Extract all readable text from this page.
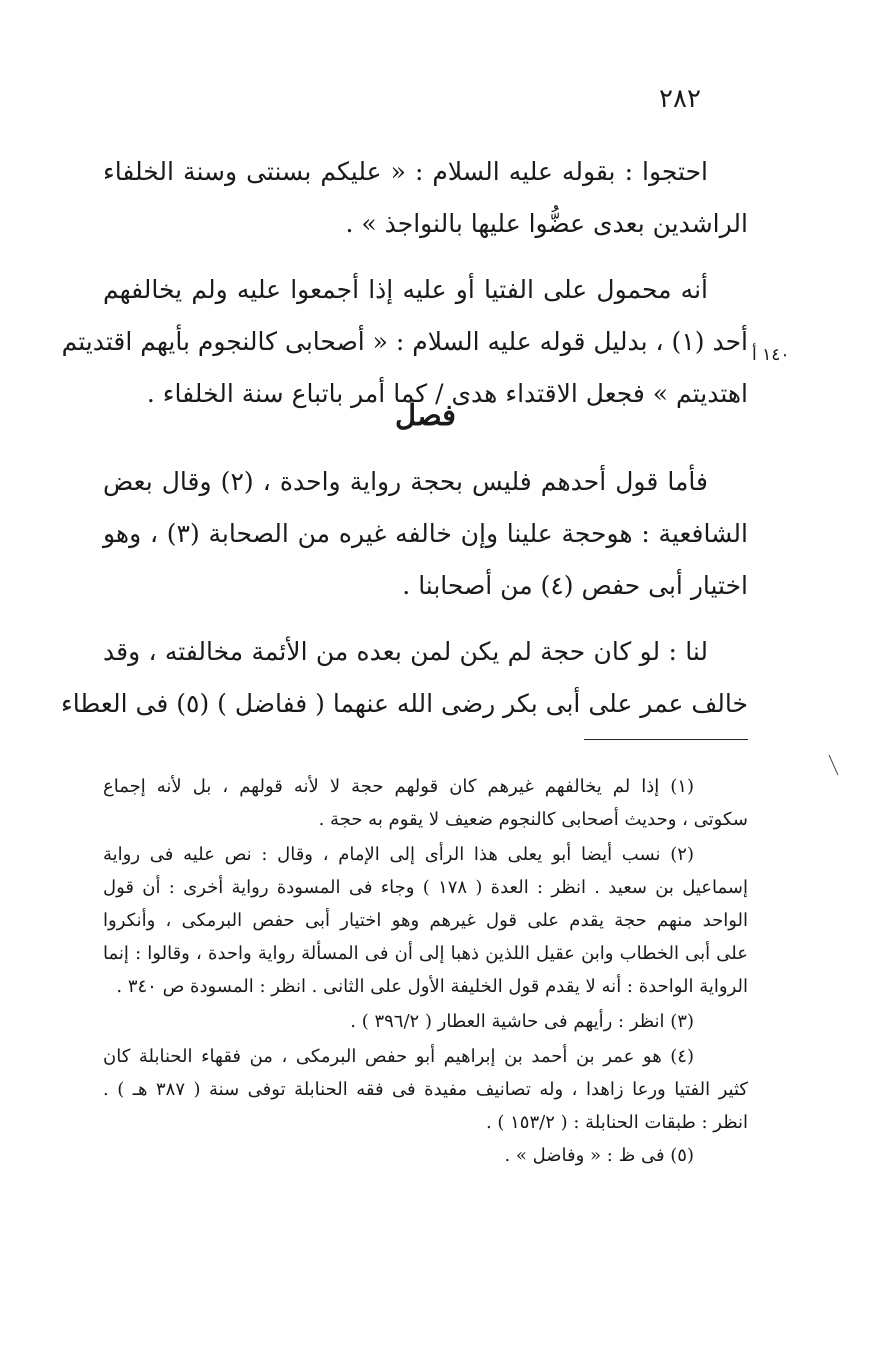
٢٨٢
احتجوا : بقوله عليه السلام : « عليكم بسنتى وسنة الخلفاء
الراشدين بعدى عضُّوا عليها بالنواجذ » .
أنه محمول على الفتيا أو عليه إذا أجمعوا عليه ولم يخالفهم
أحد (١) ، بدليل قوله عليه السلام : « أصحابى كالنجوم بأيهم اقتديتم
اهتديتم » فجعل الاقتداء هدى / كما أمر باتباع سنة الخلفاء .
١٤٠ أ
فصل
فأما قول أحدهم فليس بحجة رواية واحدة ، (٢) وقال بعض
الشافعية : هوحجة علينا وإن خالفه غيره من الصحابة (٣) ، وهو
اختيار أبى حفص (٤) من أصحابنا .
لنا : لو كان حجة لم يكن لمن بعده من الأئمة مخالفته ، وقد
خالف عمر على أبى بكر رضى الله عنهما ( ففاضل ) (٥) فى العطاء
(١) إذا لم يخالفهم غيرهم كان قولهم حجة لا لأنه قولهم ، بل لأنه إجماع
سكوتى ، وحديث أصحابى كالنجوم ضعيف لا يقوم به حجة .
(٢) نسب أيضا أبو يعلى هذا الرأى إلى الإمام ، وقال : نص عليه فى رواية
إسماعيل بن سعيد . انظر : العدة ( ١٧٨ ) وجاء فى المسودة رواية أخرى : أن قول
الواحد منهم حجة يقدم على قول غيرهم وهو اختيار أبى حفص البرمكى ، وأنكروا
على أبى الخطاب وابن عقيل اللذين ذهبا إلى أن فى المسألة رواية واحدة ، وقالوا : إنما
الرواية الواحدة : أنه لا يقدم قول الخليفة الأول على الثانى . انظر : المسودة ص ٣٤٠ .
(٣) انظر : رأيهم فى حاشية العطار ( ٣٩٦/٢ ) .
(٤) هو عمر بن أحمد بن إبراهيم أبو حفص البرمكى ، من فقهاء الحنابلة كان
كثير الفتيا ورعا زاهدا ، وله تصانيف مفيدة فى فقه الحنابلة توفى سنة ( ٣٨٧ هـ ) .
انظر : طبقات الحنابلة : ( ١٥٣/٢ ) .
(٥) فى ظ : « وفاضل » .
